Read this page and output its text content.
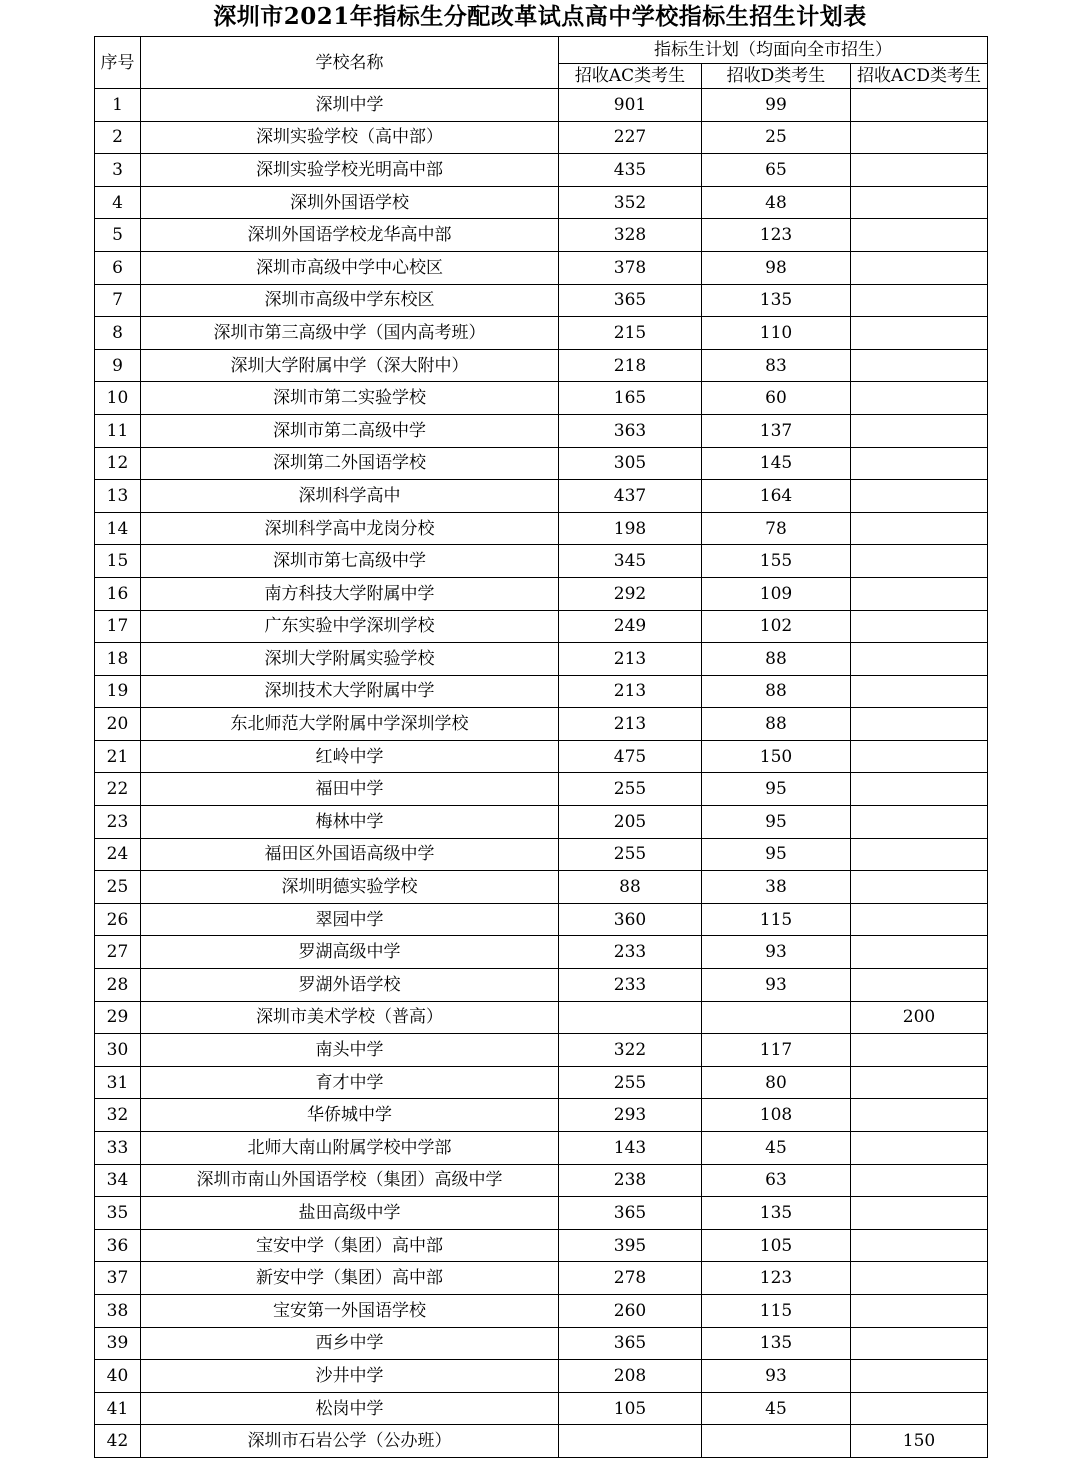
深圳市2021年指标生分配改革试点高中学校指标生招生计划表
序号	学校名称	指标生计划（均面向全市招生）		
		招收AC类考生	招收D类考生	招收ACD类考生
1	深圳中学	901	99	
2	深圳实验学校（高中部）	227	25	
3	深圳实验学校光明高中部	435	65	
4	深圳外国语学校	352	48	
5	深圳外国语学校龙华高中部	328	123	
6	深圳市高级中学中心校区	378	98	
7	深圳市高级中学东校区	365	135	
8	深圳市第三高级中学（国内高考班）	215	110	
9	深圳大学附属中学（深大附中）	218	83	
10	深圳市第二实验学校	165	60	
11	深圳市第二高级中学	363	137	
12	深圳第二外国语学校	305	145	
13	深圳科学高中	437	164	
14	深圳科学高中龙岗分校	198	78	
15	深圳市第七高级中学	345	155	
16	南方科技大学附属中学	292	109	
17	广东实验中学深圳学校	249	102	
18	深圳大学附属实验学校	213	88	
19	深圳技术大学附属中学	213	88	
20	东北师范大学附属中学深圳学校	213	88	
21	红岭中学	475	150	
22	福田中学	255	95	
23	梅林中学	205	95	
24	福田区外国语高级中学	255	95	
25	深圳明德实验学校	88	38	
26	翠园中学	360	115	
27	罗湖高级中学	233	93	
28	罗湖外语学校	233	93	
29	深圳市美术学校（普高）			200
30	南头中学	322	117	
31	育才中学	255	80	
32	华侨城中学	293	108	
33	北师大南山附属学校中学部	143	45	
34	深圳市南山外国语学校（集团）高级中学	238	63	
35	盐田高级中学	365	135	
36	宝安中学（集团）高中部	395	105	
37	新安中学（集团）高中部	278	123	
38	宝安第一外国语学校	260	115	
39	西乡中学	365	135	
40	沙井中学	208	93	
41	松岗中学	105	45	
42	深圳市石岩公学（公办班）			150
